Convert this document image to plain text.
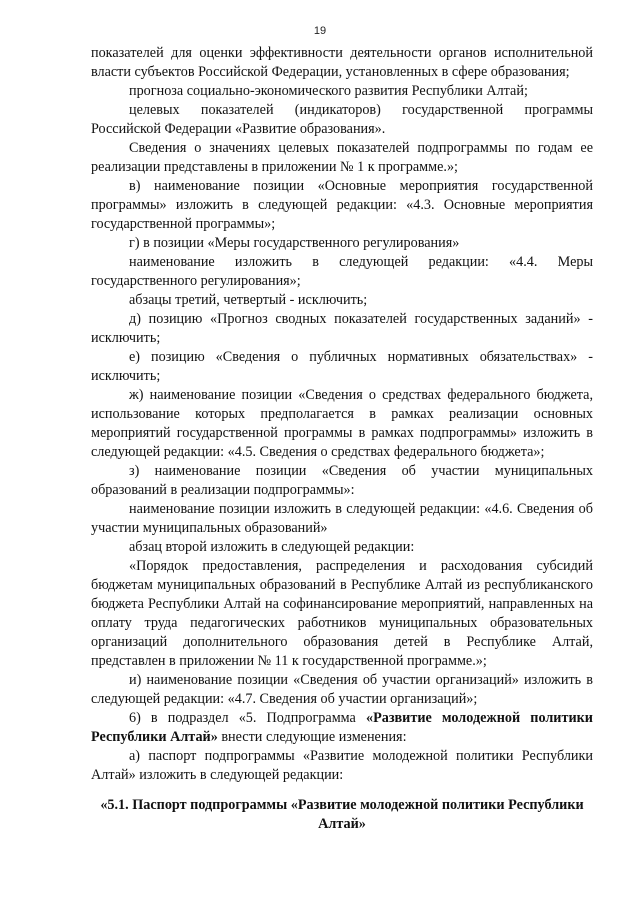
19

показателей для оценки эффективности деятельности органов исполнительной власти субъектов Российской Федерации, установленных в сфере образования;

прогноза социально-экономического развития Республики Алтай;

целевых показателей (индикаторов) государственной программы Российской Федерации «Развитие образования».

Сведения о значениях целевых показателей подпрограммы по годам ее реализации представлены в приложении № 1 к программе.»;

в) наименование позиции «Основные мероприятия государственной программы» изложить в следующей редакции: «4.3. Основные мероприятия государственной программы»;

г) в позиции «Меры государственного регулирования»

наименование изложить в следующей редакции: «4.4. Меры государственного регулирования»;

абзацы третий, четвертый - исключить;

д) позицию «Прогноз сводных показателей государственных заданий» - исключить;

е) позицию «Сведения о публичных нормативных обязательствах» - исключить;

ж) наименование позиции «Сведения о средствах федерального бюджета, использование которых предполагается в рамках реализации основных мероприятий государственной программы в рамках подпрограммы» изложить в следующей редакции: «4.5. Сведения о средствах федерального бюджета»;

з) наименование позиции «Сведения об участии муниципальных образований в реализации подпрограммы»:

наименование позиции изложить в следующей редакции: «4.6. Сведения об участии муниципальных образований»

абзац второй изложить в следующей редакции:

«Порядок предоставления, распределения и расходования субсидий бюджетам муниципальных образований в Республике Алтай из республиканского бюджета Республики Алтай на софинансирование мероприятий, направленных на оплату труда педагогических работников муниципальных образовательных организаций дополнительного образования детей в Республике Алтай, представлен в приложении № 11 к государственной программе.»;

и) наименование позиции «Сведения об участии организаций» изложить в следующей редакции: «4.7. Сведения об участии организаций»;

6) в подраздел «5. Подпрограмма «Развитие молодежной политики Республики Алтай» внести следующие изменения:

а) паспорт подпрограммы «Развитие молодежной политики Республики Алтай» изложить в следующей редакции:

«5.1. Паспорт подпрограммы «Развитие молодежной политики Республики Алтай»
